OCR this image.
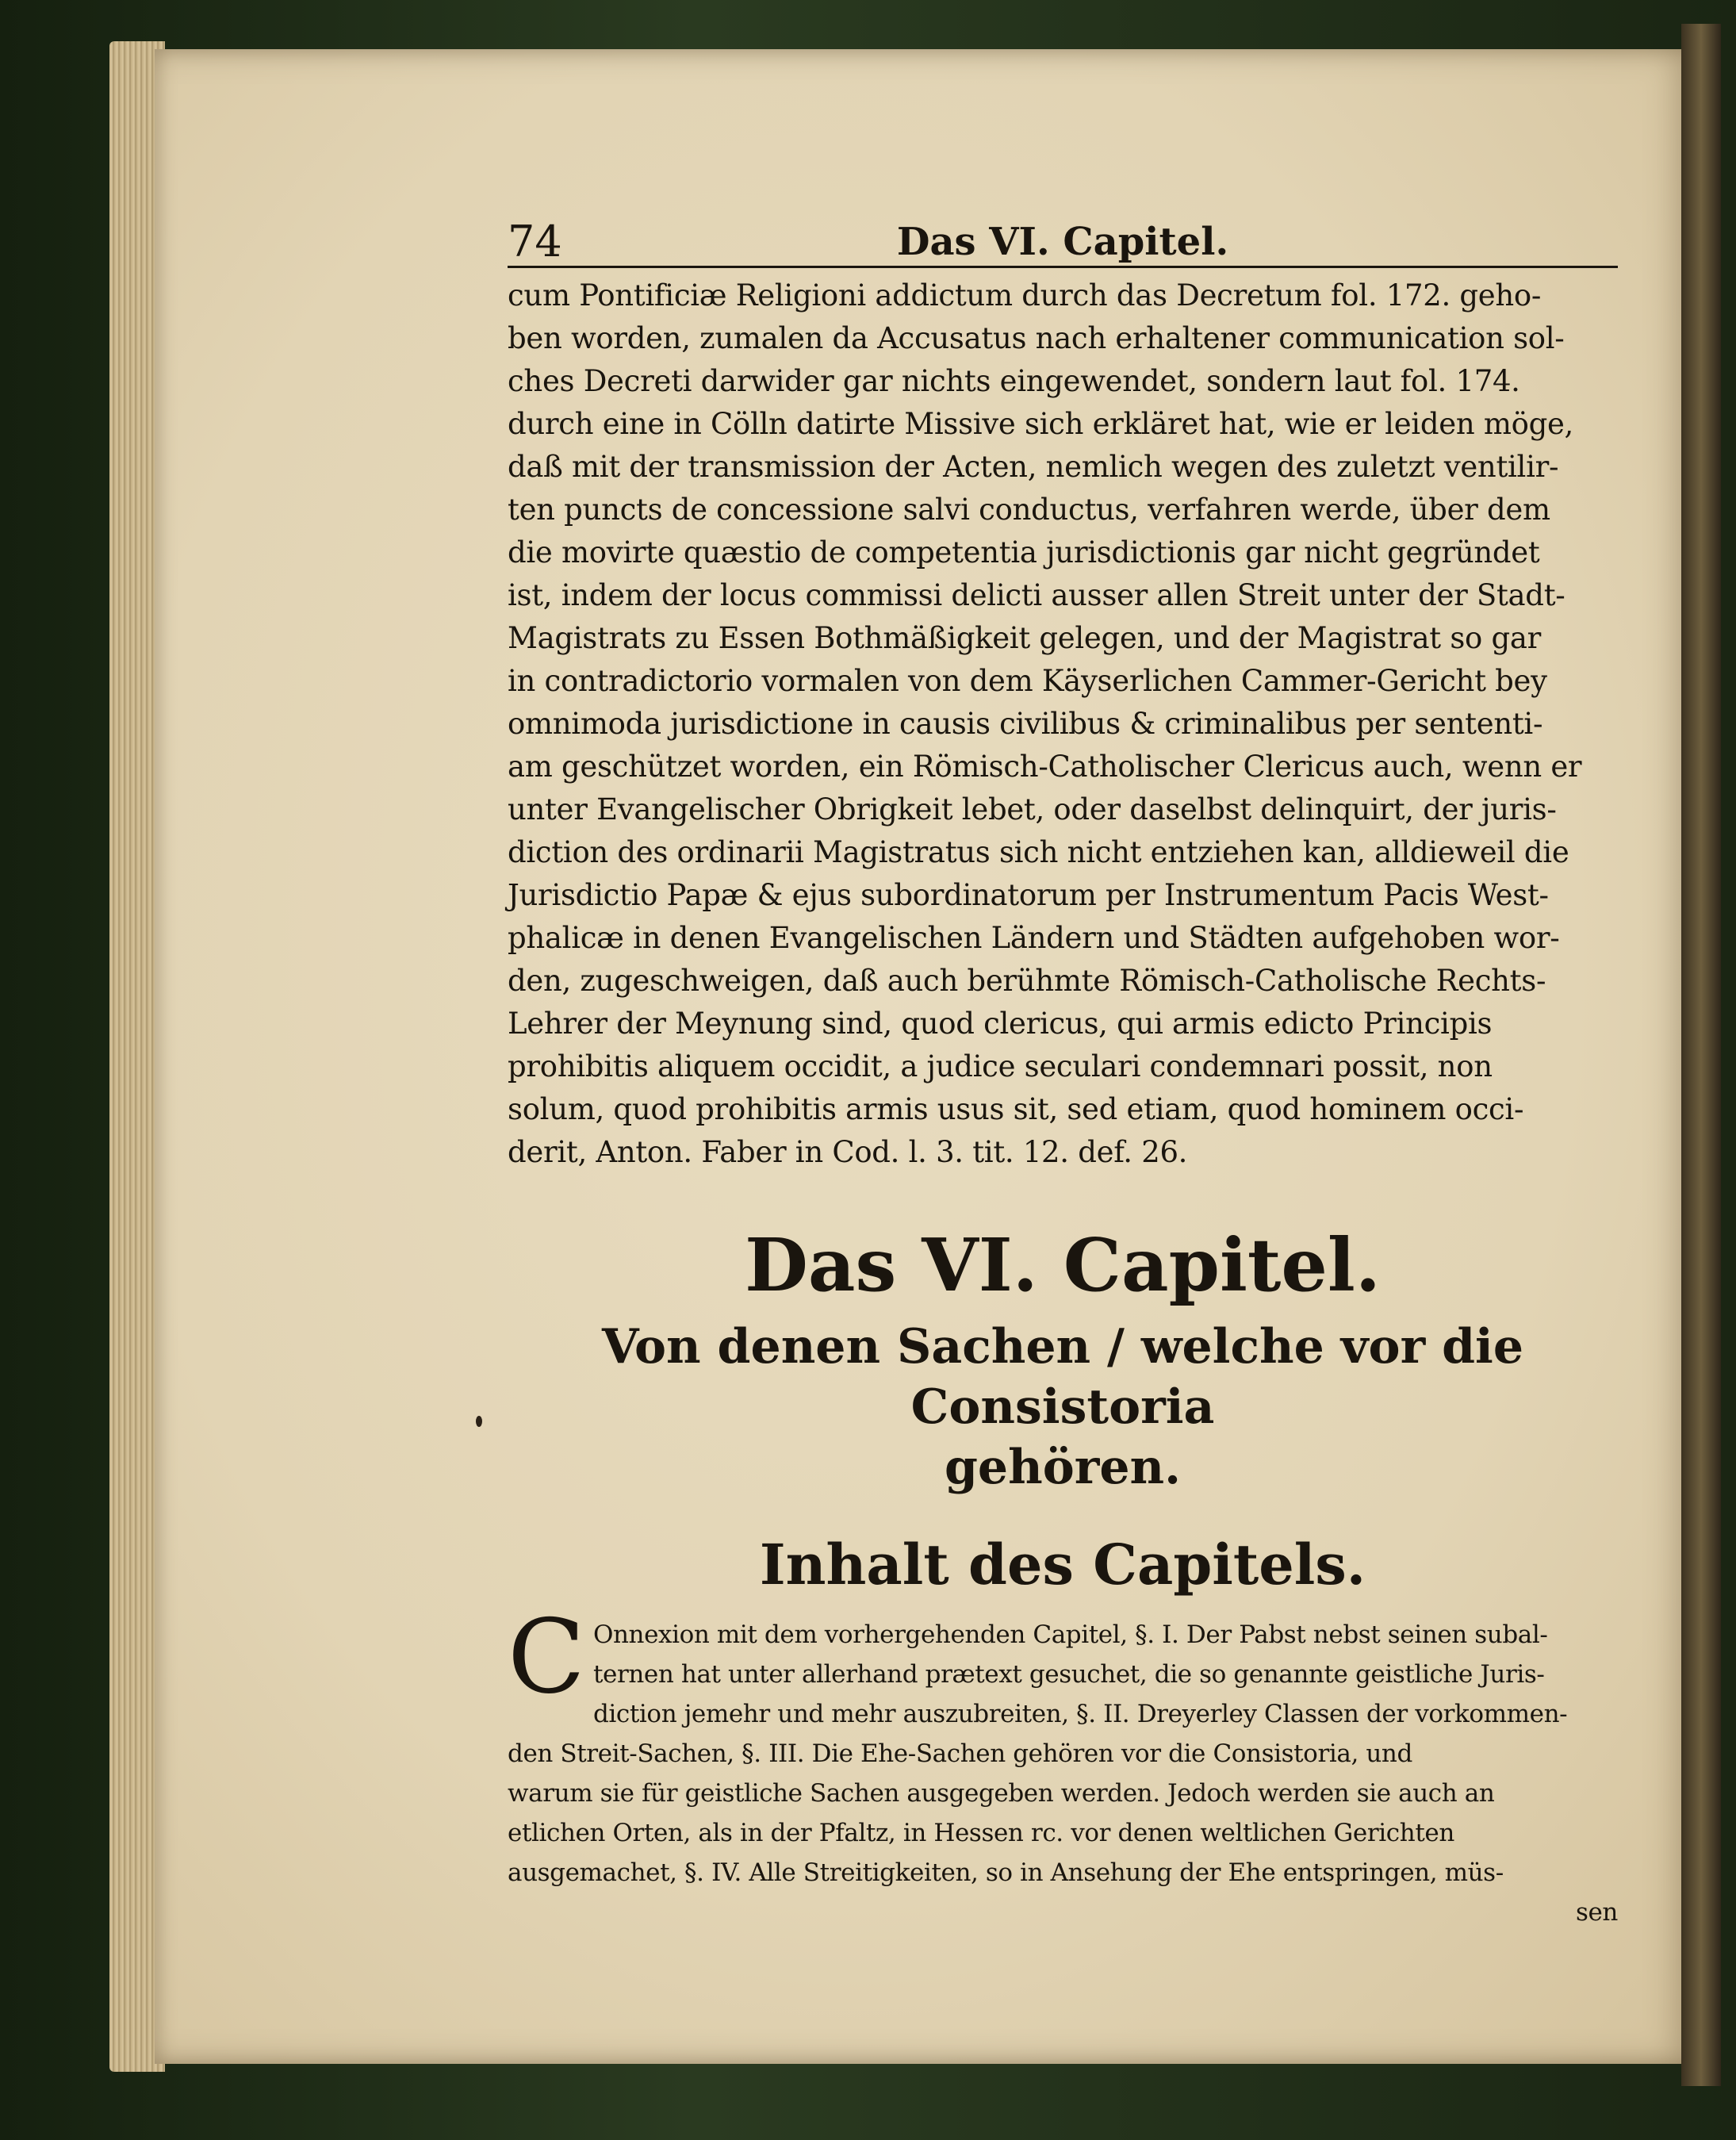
74	Das VI. Capitel.
cum Pontificiæ Religioni addictum durch das Decretum fol. 172. geho-
ben worden, zumalen da Accusatus nach erhaltener communication sol-
ches Decreti darwider gar nichts eingewendet, sondern laut fol. 174.
durch eine in Cölln datirte Missive sich erkläret hat, wie er leiden möge,
daß mit der transmission der Acten, nemlich wegen des zuletzt ventilir-
ten puncts de concessione salvi conductus, verfahren werde, über dem
die movirte quæstio de competentia jurisdictionis gar nicht gegründet
ist, indem der locus commissi delicti ausser allen Streit unter der Stadt-
Magistrats zu Essen Bothmäßigkeit gelegen, und der Magistrat so gar
in contradictorio vormalen von dem Käyserlichen Cammer-Gericht bey
omnimoda jurisdictione in causis civilibus & criminalibus per sententi-
am geschützet worden, ein Römisch-Catholischer Clericus auch, wenn er
unter Evangelischer Obrigkeit lebet, oder daselbst delinquirt, der juris-
diction des ordinarii Magistratus sich nicht entziehen kan, alldieweil die
Jurisdictio Papæ & ejus subordinatorum per Instrumentum Pacis West-
phalicæ in denen Evangelischen Ländern und Städten aufgehoben wor-
den, zugeschweigen, daß auch berühmte Römisch-Catholische Rechts-
Lehrer der Meynung sind, quod clericus, qui armis edicto Principis
prohibitis aliquem occidit, a judice seculari condemnari possit, non
solum, quod prohibitis armis usus sit, sed etiam, quod hominem occi-
derit, Anton. Faber in Cod. l. 3. tit. 12. def. 26.
Das VI. Capitel.
Von denen Sachen / welche vor die Consistoria
gehören.
Inhalt des Capitels.
C Onnexion mit dem vorhergehenden Capitel, §. I. Der Pabst nebst seinen subal-
ternen hat unter allerhand prætext gesuchet, die so genannte geistliche Juris-
diction jemehr und mehr auszubreiten, §. II. Dreyerley Classen der vorkommen-
den Streit-Sachen, §. III. Die Ehe-Sachen gehören vor die Consistoria, und
warum sie für geistliche Sachen ausgegeben werden. Jedoch werden sie auch an
etlichen Orten, als in der Pfaltz, in Hessen rc. vor denen weltlichen Gerichten
ausgemachet, §. IV. Alle Streitigkeiten, so in Ansehung der Ehe entspringen, müs-
sen
